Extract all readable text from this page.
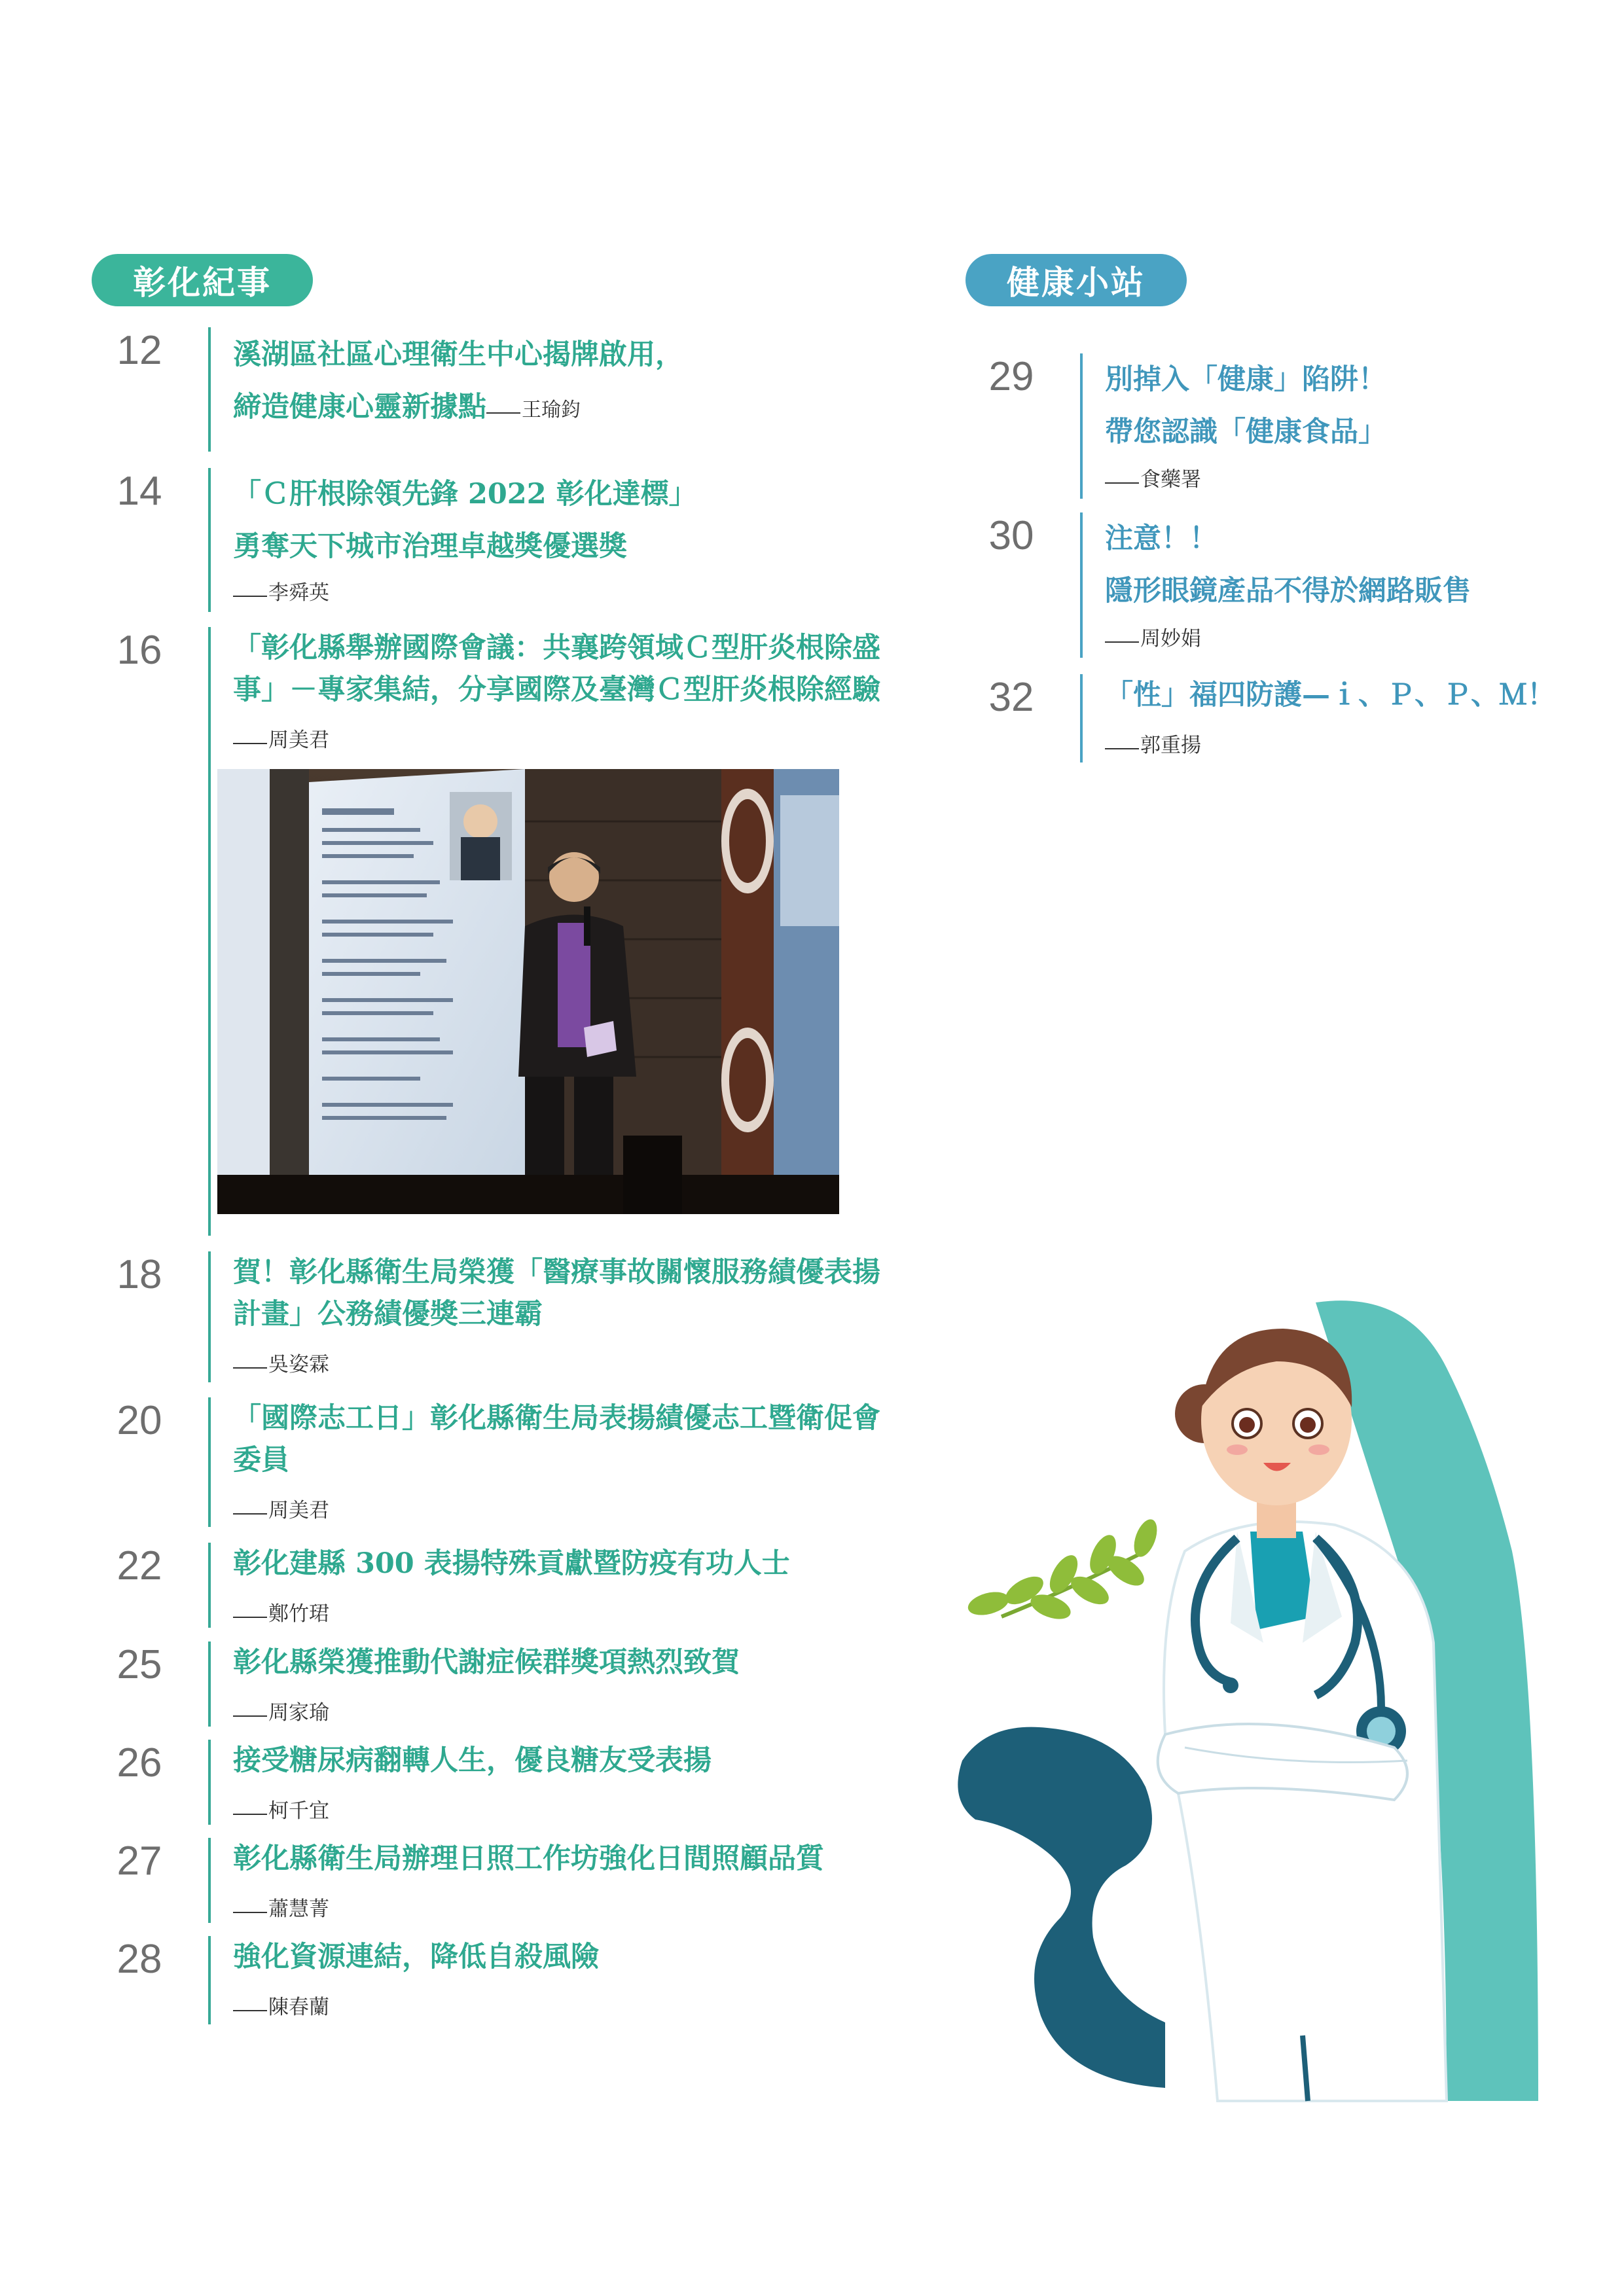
彰化紀事	健康小站
12	溪湖區社區心理衛生中心揭牌啟用，
締造健康心靈新據點 王瑜鈞
14	「Ｃ肝根除領先鋒 2022 彰化達標」
勇奪天下城市治理卓越獎優選獎
李舜英
16	「彰化縣舉辦國際會議：共襄跨領域Ｃ型肝炎根除盛
事」－專家集結，分享國際及臺灣Ｃ型肝炎根除經驗
周美君
18	賀！彰化縣衛生局榮獲「醫療事故關懷服務績優表揚
計畫」公務績優獎三連霸
吳姿霖
20	「國際志工日」彰化縣衛生局表揚績優志工暨衛促會
委員
周美君
22	彰化建縣 300 表揚特殊貢獻暨防疫有功人士
鄭竹珺
25	彰化縣榮獲推動代謝症候群獎項熱烈致賀
周家瑜
26	接受糖尿病翻轉人生，優良糖友受表揚
柯千宜
27	彰化縣衛生局辦理日照工作坊強化日間照顧品質
蕭慧菁
28	強化資源連結，降低自殺風險
陳春蘭
29	別掉入「健康」陷阱！
帶您認識「健康食品」
食藥署
30	注意！！
隱形眼鏡產品不得於網路販售
周妙娟
32	「性」福四防護—ｉ、Ｐ、Ｐ、Ｍ！
郭重揚
